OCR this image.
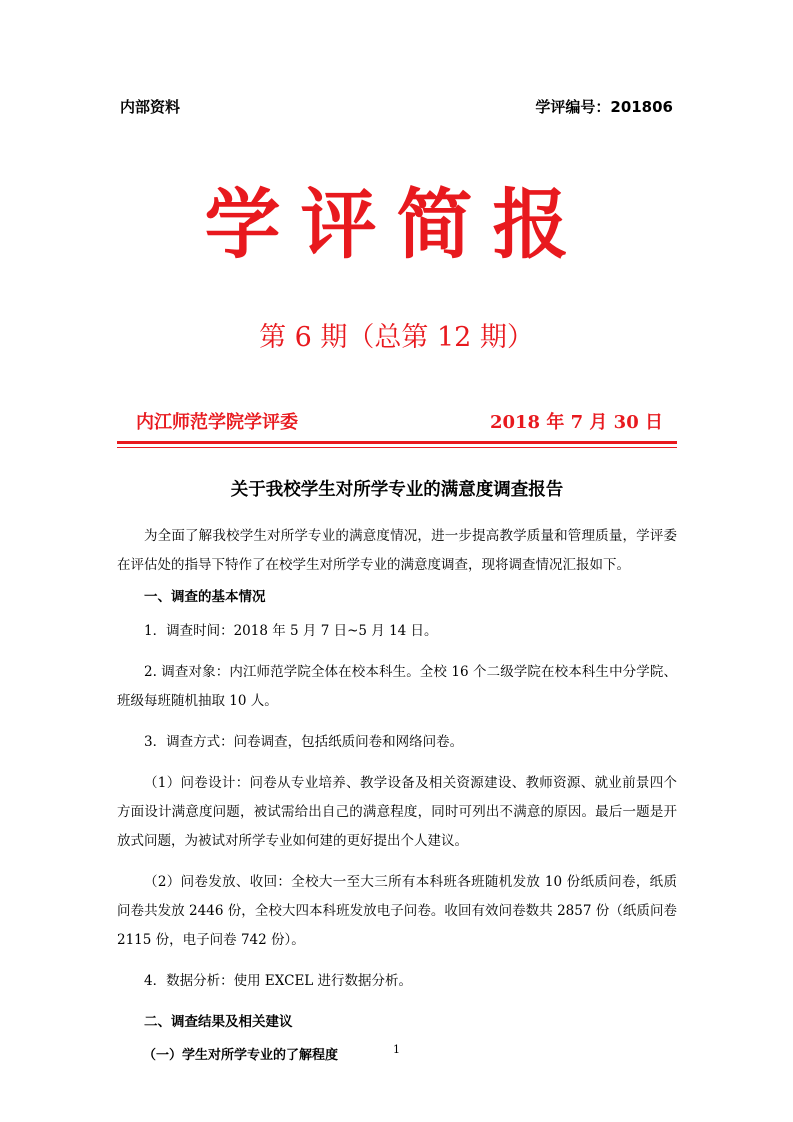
内部资料	学评编号：201806
学评简报
第 6 期（总第 12 期）
内江师范学院学评委	2018 年 7 月 30 日
关于我校学生对所学专业的满意度调查报告

为全面了解我校学生对所学专业的满意度情况，进一步提高教学质量和管理质量，学评委在评估处的指导下特作了在校学生对所学专业的满意度调查，现将调查情况汇报如下。

一、调查的基本情况

1．调查时间：2018 年 5 月 7 日~5 月 14 日。

2. 调查对象：内江师范学院全体在校本科生。全校 16 个二级学院在校本科生中分学院、班级每班随机抽取 10 人。

3．调查方式：问卷调查，包括纸质问卷和网络问卷。

（1）问卷设计：问卷从专业培养、教学设备及相关资源建设、教师资源、就业前景四个方面设计满意度问题，被试需给出自己的满意程度，同时可列出不满意的原因。最后一题是开放式问题，为被试对所学专业如何建的更好提出个人建议。

（2）问卷发放、收回：全校大一至大三所有本科班各班随机发放 10 份纸质问卷，纸质问卷共发放 2446 份，全校大四本科班发放电子问卷。收回有效问卷数共 2857 份（纸质问卷 2115 份，电子问卷 742 份）。

4．数据分析：使用 EXCEL 进行数据分析。

二、调查结果及相关建议
（一）学生对所学专业的了解程度	1
